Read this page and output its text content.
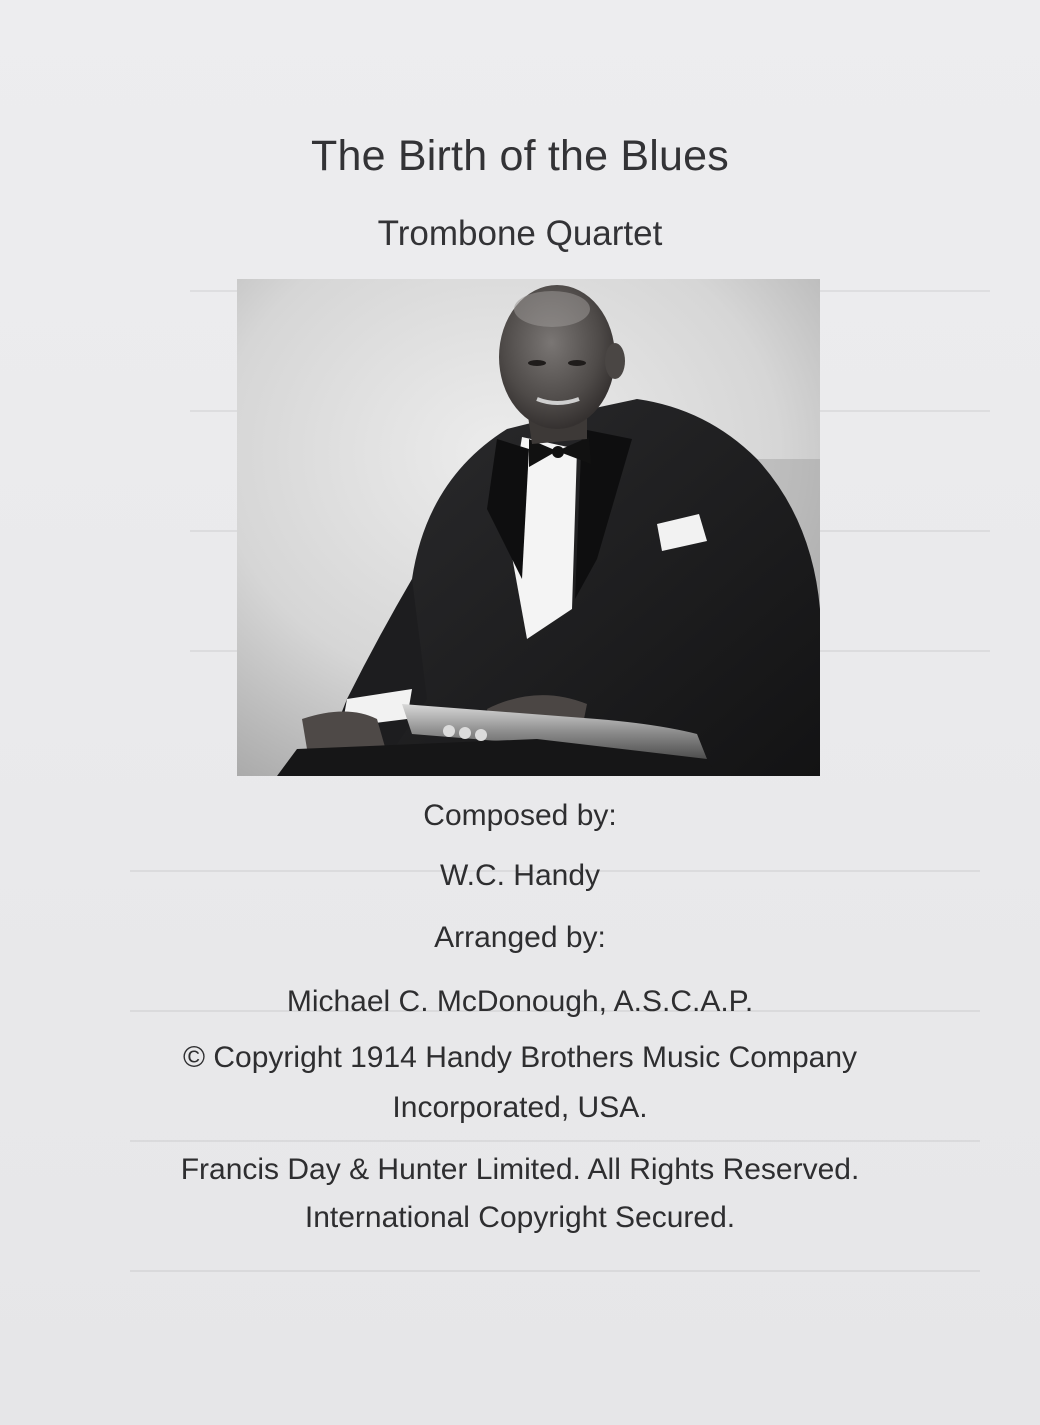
The Birth of the Blues
Trombone Quartet
Composed by:
W.C. Handy
Arranged by:
Michael C. McDonough, A.S.C.A.P.
© Copyright 1914 Handy Brothers Music Company
Incorporated, USA.
Francis Day & Hunter Limited. All Rights Reserved.
International Copyright Secured.
